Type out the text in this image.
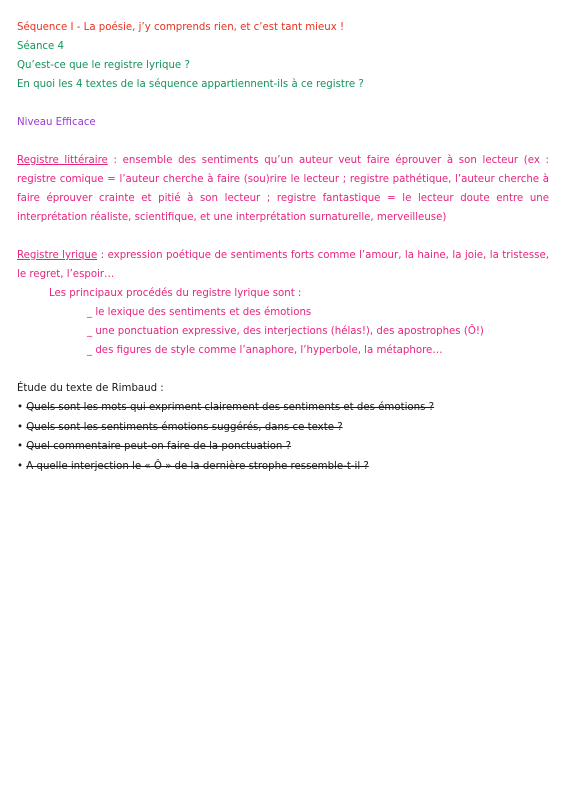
Séquence I - La poésie, j’y comprends rien, et c’est tant mieux !
Séance 4
Qu’est-ce que le registre lyrique ?
En quoi les 4 textes de la séquence appartiennent-ils à ce registre ?
Niveau Efficace
Registre littéraire : ensemble des sentiments qu’un auteur veut faire éprouver à son lecteur (ex : registre comique = l’auteur cherche à faire (sou)rire le lecteur ; registre pathétique, l’auteur cherche à faire éprouver crainte et pitié à son lecteur ; registre fantastique = le lecteur doute entre une interprétation réaliste, scientifique, et une interprétation surnaturelle, merveilleuse)
Registre lyrique : expression poétique de sentiments forts comme l’amour, la haine, la joie, la tristesse, le regret, l’espoir…
Les principaux procédés du registre lyrique sont :
_ le lexique des sentiments et des émotions
_ une ponctuation expressive, des interjections (hélas!), des apostrophes (Ô!)
_ des figures de style comme l’anaphore, l’hyperbole, la métaphore…
Étude du texte de Rimbaud :
• Quels sont les mots qui expriment clairement des sentiments et des émotions ?
• Quels sont les sentiments émotions suggérés, dans ce texte ?
• Quel commentaire peut-on faire de la ponctuation ?
• A quelle interjection le « Ô » de la dernière strophe ressemble-t-il ?
